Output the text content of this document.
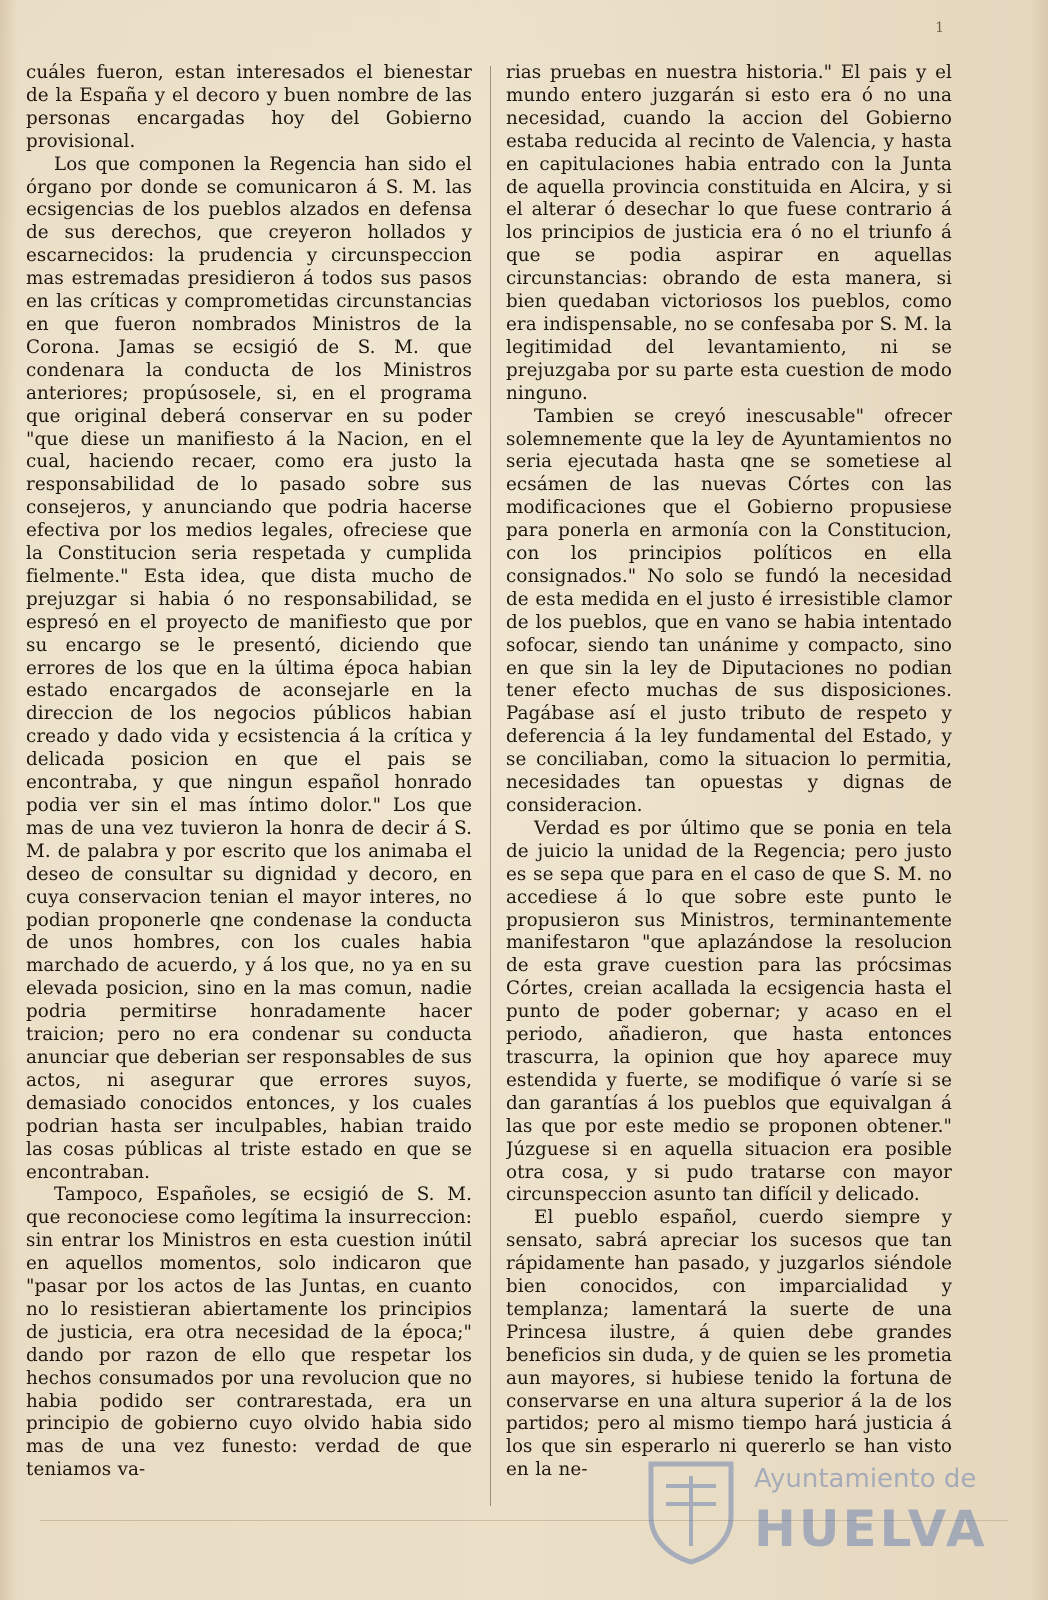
1

cuáles fueron, estan interesados el bienestar de la España y el decoro y buen nombre de las personas encargadas hoy del Gobierno provisional.

Los que componen la Regencia han sido el órgano por donde se comunicaron á S. M. las ecsigencias de los pueblos alzados en defensa de sus derechos, que creyeron hollados y escarnecidos: la prudencia y circunspeccion mas estremadas presidieron á todos sus pasos en las críticas y comprometidas circunstancias en que fueron nombrados Ministros de la Corona. Jamas se ecsigió de S. M. que condenara la conducta de los Ministros anteriores; propúsosele, si, en el programa que original deberá conservar en su poder "que diese un manifiesto á la Nacion, en el cual, haciendo recaer, como era justo la responsabilidad de lo pasado sobre sus consejeros, y anunciando que podria hacerse efectiva por los medios legales, ofreciese que la Constitucion seria respetada y cumplida fielmente." Esta idea, que dista mucho de prejuzgar si habia ó no responsabilidad, se espresó en el proyecto de manifiesto que por su encargo se le presentó, diciendo que errores de los que en la última época habian estado encargados de aconsejarle en la direccion de los negocios públicos habian creado y dado vida y ecsistencia á la crítica y delicada posicion en que el pais se encontraba, y que ningun español honrado podia ver sin el mas íntimo dolor." Los que mas de una vez tuvieron la honra de decir á S. M. de palabra y por escrito que los animaba el deseo de consultar su dignidad y decoro, en cuya conservacion tenian el mayor interes, no podian proponerle qne condenase la conducta de unos hombres, con los cuales habia marchado de acuerdo, y á los que, no ya en su elevada posicion, sino en la mas comun, nadie podria permitirse honradamente hacer traicion; pero no era condenar su conducta anunciar que deberian ser responsables de sus actos, ni asegurar que errores suyos, demasiado conocidos entonces, y los cuales podrian hasta ser inculpables, habian traido las cosas públicas al triste estado en que se encontraban.

Tampoco, Españoles, se ecsigió de S. M. que reconociese como legítima la insurreccion: sin entrar los Ministros en esta cuestion inútil en aquellos momentos, solo indicaron que "pasar por los actos de las Juntas, en cuanto no lo resistieran abiertamente los principios de justicia, era otra necesidad de la época;" dando por razon de ello que respetar los hechos consumados por una revolucion que no habia podido ser contrarestada, era un principio de gobierno cuyo olvido habia sido mas de una vez funesto: verdad de que teniamos va-

rias pruebas en nuestra historia." El pais y el mundo entero juzgarán si esto era ó no una necesidad, cuando la accion del Gobierno estaba reducida al recinto de Valencia, y hasta en capitulaciones habia entrado con la Junta de aquella provincia constituida en Alcira, y si el alterar ó desechar lo que fuese contrario á los principios de justicia era ó no el triunfo á que se podia aspirar en aquellas circunstancias: obrando de esta manera, si bien quedaban victoriosos los pueblos, como era indispensable, no se confesaba por S. M. la legitimidad del levantamiento, ni se prejuzgaba por su parte esta cuestion de modo ninguno.

Tambien se creyó inescusable" ofrecer solemnemente que la ley de Ayuntamientos no seria ejecutada hasta qne se sometiese al ecsámen de las nuevas Córtes con las modificaciones que el Gobierno propusiese para ponerla en armonía con la Constitucion, con los principios políticos en ella consignados." No solo se fundó la necesidad de esta medida en el justo é irresistible clamor de los pueblos, que en vano se habia intentado sofocar, siendo tan unánime y compacto, sino en que sin la ley de Diputaciones no podian tener efecto muchas de sus disposiciones. Pagábase así el justo tributo de respeto y deferencia á la ley fundamental del Estado, y se conciliaban, como la situacion lo permitia, necesidades tan opuestas y dignas de consideracion.

Verdad es por último que se ponia en tela de juicio la unidad de la Regencia; pero justo es se sepa que para en el caso de que S. M. no accediese á lo que sobre este punto le propusieron sus Ministros, terminantemente manifestaron "que aplazándose la resolucion de esta grave cuestion para las prócsimas Córtes, creian acallada la ecsigencia hasta el punto de poder gobernar; y acaso en el periodo, añadieron, que hasta entonces trascurra, la opinion que hoy aparece muy estendida y fuerte, se modifique ó varíe si se dan garantías á los pueblos que equivalgan á las que por este medio se proponen obtener." Júzguese si en aquella situacion era posible otra cosa, y si pudo tratarse con mayor circunspeccion asunto tan difícil y delicado.

El pueblo español, cuerdo siempre y sensato, sabrá apreciar los sucesos que tan rápidamente han pasado, y juzgarlos siéndole bien conocidos, con imparcialidad y templanza; lamentará la suerte de una Princesa ilustre, á quien debe grandes beneficios sin duda, y de quien se les prometia aun mayores, si hubiese tenido la fortuna de conservarse en una altura superior á la de los partidos; pero al mismo tiempo hará justicia á los que sin esperarlo ni quererlo se han visto en la ne-	Ayuntamiento de
HUELVA
